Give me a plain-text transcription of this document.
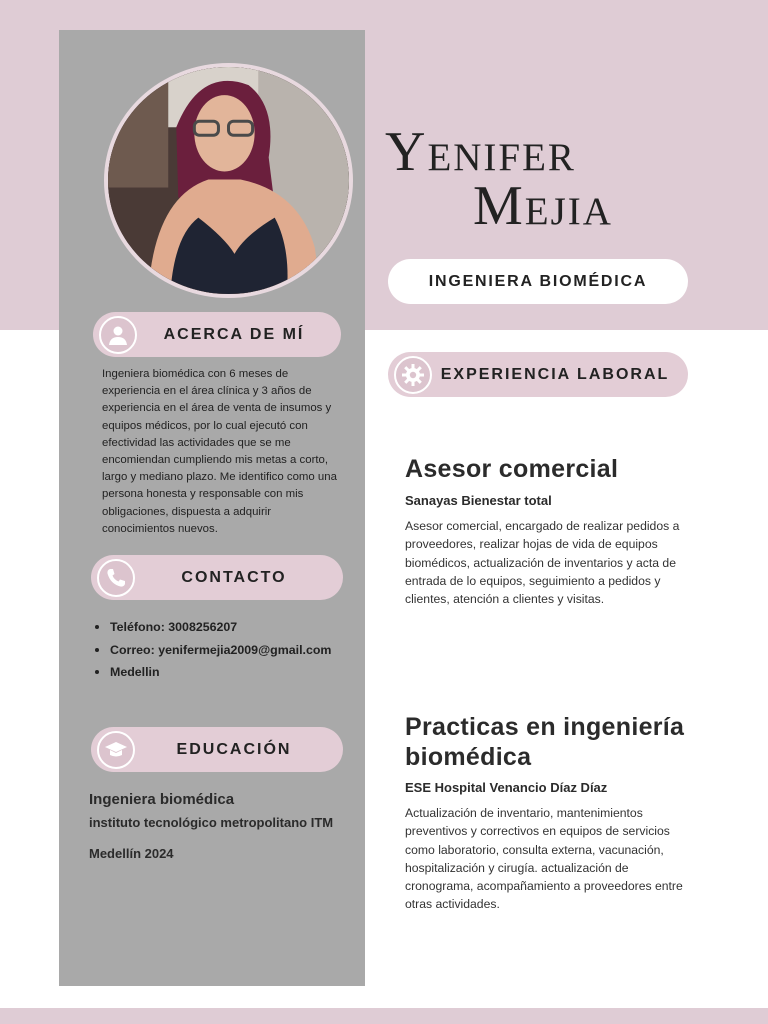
Yenifer
Mejia
INGENIERA BIOMÉDICA
ACERCA DE MÍ

Ingeniera biomédica con 6 meses de experiencia en el área clínica y 3 años de experiencia en el área de venta de insumos y equipos médicos, por lo cual ejecutó con efectividad las actividades que se me encomiendan cumpliendo mis metas a corto, largo y mediano plazo. Me identifico como una persona honesta y responsable con mis obligaciones, dispuesta a adquirir conocimientos nuevos.

CONTACTO
Teléfono: 3008256207
Correo: yenifermejia2009@gmail.com
Medellin
EDUCACIÓN
Ingeniera biomédica
instituto tecnológico metropolitano ITM
Medellín 2024
EXPERIENCIA LABORAL
Asesor comercial
Sanayas Bienestar total

Asesor comercial, encargado de realizar pedidos a proveedores, realizar hojas de vida de equipos biomédicos, actualización de inventarios y acta de entrada de lo equipos, seguimiento a pedidos y clientes, atención a clientes y visitas.

Practicas en ingeniería biomédica
ESE Hospital Venancio Díaz Díaz

Actualización de inventario, mantenimientos preventivos y correctivos en equipos de servicios como laboratorio, consulta externa, vacunación, hospitalización y cirugía. actualización de cronograma, acompañamiento a proveedores entre otras actividades.
